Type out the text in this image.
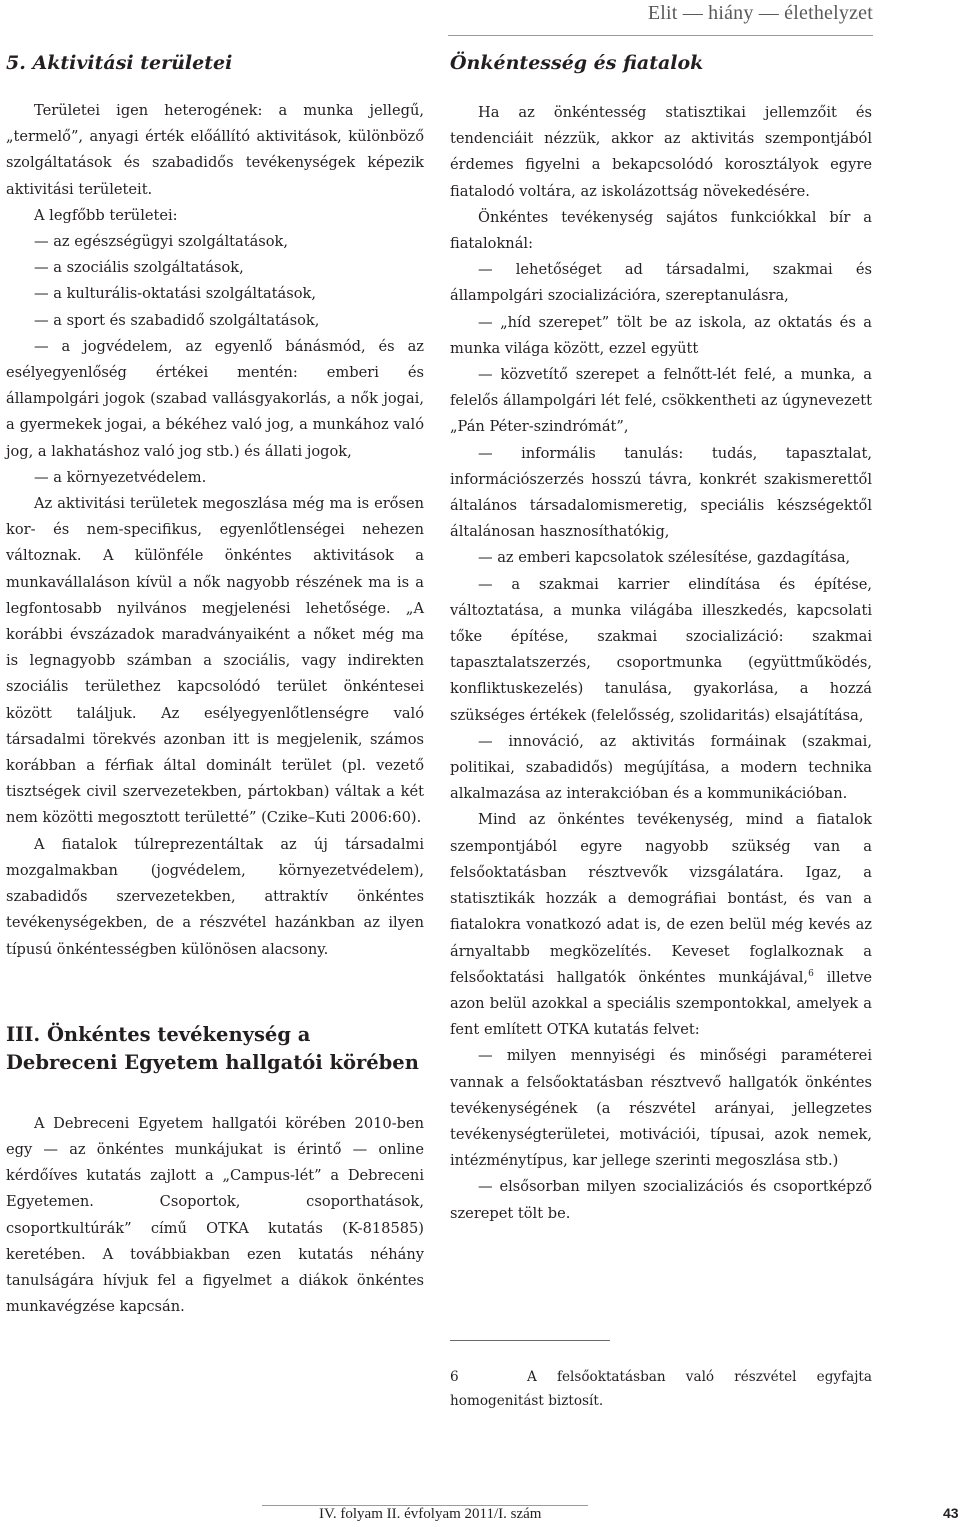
Elit — hiány — élethelyzet
5. Aktivitási területei

Területei igen heterogének: a munka jellegű, „termelő”, anyagi érték előállító aktivitások, különböző szolgáltatások és szabadidős tevékenységek képezik aktivitási területeit.

A legfőbb területei:

— az egészségügyi szolgáltatások,

— a szociális szolgáltatások,

— a kulturális-oktatási szolgáltatások,

— a sport és szabadidő szolgáltatások,

— a jogvédelem, az egyenlő bánásmód, és az esélyegyenlőség értékei mentén: emberi és állampolgári jogok (szabad vallásgyakorlás, a nők jogai, a gyermekek jogai, a békéhez való jog, a munkához való jog, a lakhatáshoz való jog stb.) és állati jogok,

— a környezetvédelem.

Az aktivitási területek megoszlása még ma is erősen kor- és nem-specifikus, egyenlőtlenségei nehezen változnak. A különféle önkéntes aktivitások a munkavállaláson kívül a nők nagyobb részének ma is a legfontosabb nyilvános megjelenési lehetősége. „A korábbi évszázadok maradványaiként a nőket még ma is legnagyobb számban a szociális, vagy indirekten szociális területhez kapcsolódó terület önkéntesei között találjuk. Az esélyegyenlőtlenségre való társadalmi törekvés azonban itt is megjelenik, számos korábban a férfiak által dominált terület (pl. vezető tisztségek civil szervezetekben, pártokban) váltak a két nem közötti megosztott területté” (Czike–Kuti 2006:60).

A fiatalok túlreprezentáltak az új társadalmi mozgalmakban (jogvédelem, környezetvédelem), szabadidős szervezetekben, attraktív önkéntes tevékenységekben, de a részvétel hazánkban az ilyen típusú önkéntességben különösen alacsony.

III. Önkéntes tevékenység a Debreceni Egyetem hallgatói körében

A Debreceni Egyetem hallgatói körében 2010-ben egy — az önkéntes munkájukat is érintő — online kérdőíves kutatás zajlott a „Campus-lét” a Debreceni Egyetemen. Csoportok, csoporthatások, csoportkultúrák” című OTKA kutatás (K-818585) keretében. A továbbiakban ezen kutatás néhány tanulságára hívjuk fel a figyelmet a diákok önkéntes munkavégzése kapcsán.

Önkéntesség és fiatalok

Ha az önkéntesség statisztikai jellemzőit és tendenciáit nézzük, akkor az aktivitás szempontjából érdemes figyelni a bekapcsolódó korosztályok egyre fiatalodó voltára, az iskolázottság növekedésére.

Önkéntes tevékenység sajátos funkciókkal bír a fiataloknál:

— lehetőséget ad társadalmi, szakmai és állampolgári szocializációra, szereptanulásra,

— „híd szerepet” tölt be az iskola, az oktatás és a munka világa között, ezzel együtt

— közvetítő szerepet a felnőtt-lét felé, a munka, a felelős állampolgári lét felé, csökkentheti az úgynevezett „Pán Péter-szindrómát”,

— informális tanulás: tudás, tapasztalat, információszerzés hosszú távra, konkrét szakismerettől általános társadalomismeretig, speciális készségektől általánosan hasznosíthatókig,

— az emberi kapcsolatok szélesítése, gazdagítása,

— a szakmai karrier elindítása és építése, változtatása, a munka világába illeszkedés, kapcsolati tőke építése, szakmai szocializáció: szakmai tapasztalatszerzés, csoportmunka (együttműködés, konfliktuskezelés) tanulása, gyakorlása, a hozzá szükséges értékek (felelősség, szolidaritás) elsajátítása,

— innováció, az aktivitás formáinak (szakmai, politikai, szabadidős) megújítása, a modern technika alkalmazása az interakcióban és a kommunikációban.

Mind az önkéntes tevékenység, mind a fiatalok szempontjából egyre nagyobb szükség van a felsőoktatásban résztvevők vizsgálatára. Igaz, a statisztikák hozzák a demográfiai bontást, és van a fiatalokra vonatkozó adat is, de ezen belül még kevés az árnyaltabb megközelítés. Keveset foglalkoznak a felsőoktatási hallgatók önkéntes munkájával,$^6$ illetve azon belül azokkal a speciális szempontokkal, amelyek a fent említett OTKA kutatás felvet:

— milyen mennyiségi és minőségi paraméterei vannak a felsőoktatásban résztvevő hallgatók önkéntes tevékenységének (a részvétel arányai, jellegzetes tevékenységterületei, motivációi, típusai, azok nemek, intézménytípus, kar jellege szerinti megoszlása stb.)

— elsősorban milyen szocializációs és csoportképző szerepet tölt be.

6	A felsőoktatásban való részvétel egyfajta homogenitást biztosít.
IV. folyam II. évfolyam 2011/I. szám	43
